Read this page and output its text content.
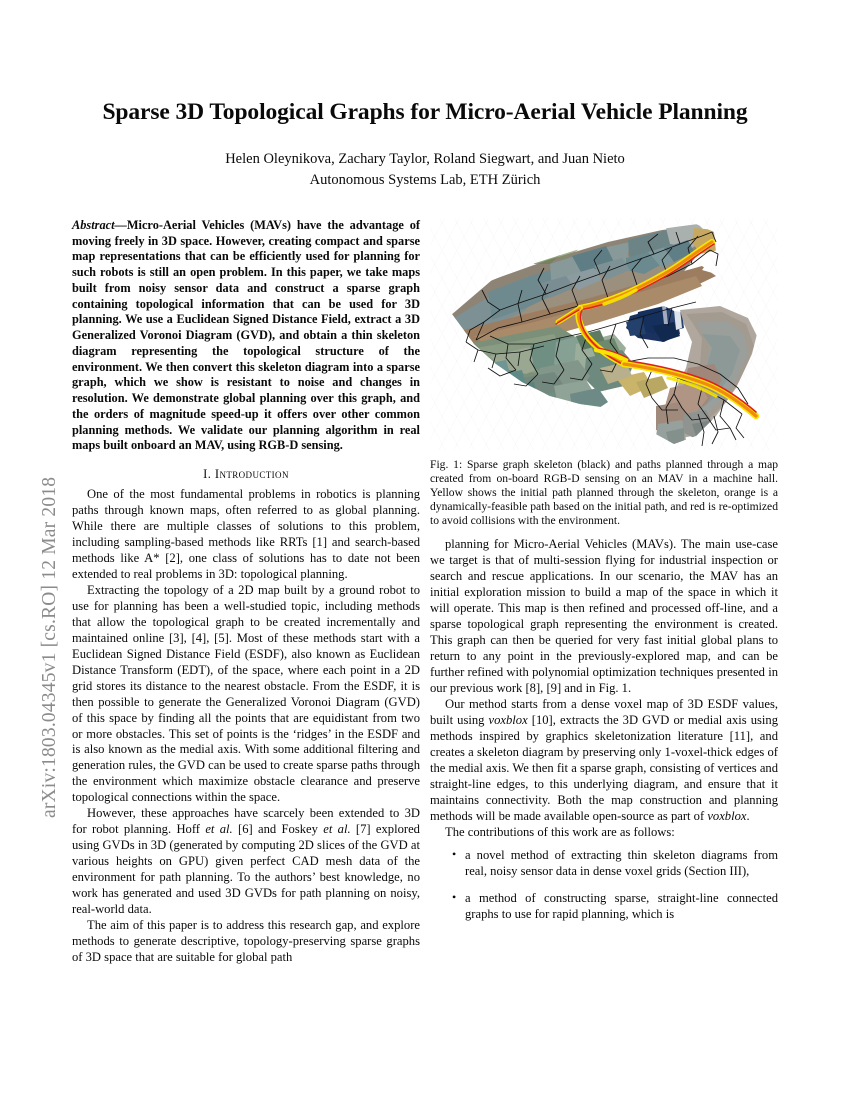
arXiv:1803.04345v1 [cs.RO] 12 Mar 2018
Sparse 3D Topological Graphs for Micro-Aerial Vehicle Planning
Helen Oleynikova, Zachary Taylor, Roland Siegwart, and Juan Nieto
Autonomous Systems Lab, ETH Zürich

Abstract—Micro-Aerial Vehicles (MAVs) have the advantage of moving freely in 3D space. However, creating compact and sparse map representations that can be efficiently used for planning for such robots is still an open problem. In this paper, we take maps built from noisy sensor data and construct a sparse graph containing topological information that can be used for 3D planning. We use a Euclidean Signed Distance Field, extract a 3D Generalized Voronoi Diagram (GVD), and obtain a thin skeleton diagram representing the topological structure of the environment. We then convert this skeleton diagram into a sparse graph, which we show is resistant to noise and changes in resolution. We demonstrate global planning over this graph, and the orders of magnitude speed-up it offers over other common planning methods. We validate our planning algorithm in real maps built onboard an MAV, using RGB-D sensing.

I. Introduction

One of the most fundamental problems in robotics is planning paths through known maps, often referred to as global planning. While there are multiple classes of solutions to this problem, including sampling-based methods like RRTs [1] and search-based methods like A* [2], one class of solutions has to date not been extended to real problems in 3D: topological planning.

Extracting the topology of a 2D map built by a ground robot to use for planning has been a well-studied topic, including methods that allow the topological graph to be created incrementally and maintained online [3], [4], [5]. Most of these methods start with a Euclidean Signed Distance Field (ESDF), also known as Euclidean Distance Transform (EDT), of the space, where each point in a 2D grid stores its distance to the nearest obstacle. From the ESDF, it is then possible to generate the Generalized Voronoi Diagram (GVD) of this space by finding all the points that are equidistant from two or more obstacles. This set of points is the ‘ridges’ in the ESDF and is also known as the medial axis. With some additional filtering and generation rules, the GVD can be used to create sparse paths through the environment which maximize obstacle clearance and preserve topological connections within the space.

However, these approaches have scarcely been extended to 3D for robot planning. Hoff et al. [6] and Foskey et al. [7] explored using GVDs in 3D (generated by computing 2D slices of the GVD at various heights on GPU) given perfect CAD mesh data of the environment for path planning. To the authors’ best knowledge, no work has generated and used 3D GVDs for path planning on noisy, real-world data.

The aim of this paper is to address this research gap, and explore methods to generate descriptive, topology-preserving sparse graphs of 3D space that are suitable for global path

Fig. 1: Sparse graph skeleton (black) and paths planned through a map created from on-board RGB-D sensing on an MAV in a machine hall. Yellow shows the initial path planned through the skeleton, orange is a dynamically-feasible path based on the initial path, and red is re-optimized to avoid collisions with the environment.

planning for Micro-Aerial Vehicles (MAVs). The main use-case we target is that of multi-session flying for industrial inspection or search and rescue applications. In our scenario, the MAV has an initial exploration mission to build a map of the space in which it will operate. This map is then refined and processed off-line, and a sparse topological graph representing the environment is created. This graph can then be queried for very fast initial global plans to return to any point in the previously-explored map, and can be further refined with polynomial optimization techniques presented in our previous work [8], [9] and in Fig. 1.

Our method starts from a dense voxel map of 3D ESDF values, built using voxblox [10], extracts the 3D GVD or medial axis using methods inspired by graphics skeletonization literature [11], and creates a skeleton diagram by preserving only 1-voxel-thick edges of the medial axis. We then fit a sparse graph, consisting of vertices and straight-line edges, to this underlying diagram, and ensure that it maintains connectivity. Both the map construction and planning methods will be made available open-source as part of voxblox.

The contributions of this work are as follows:

• a novel method of extracting thin skeleton diagrams from real, noisy sensor data in dense voxel grids (Section III),
• a method of constructing sparse, straight-line connected graphs to use for rapid planning, which is
